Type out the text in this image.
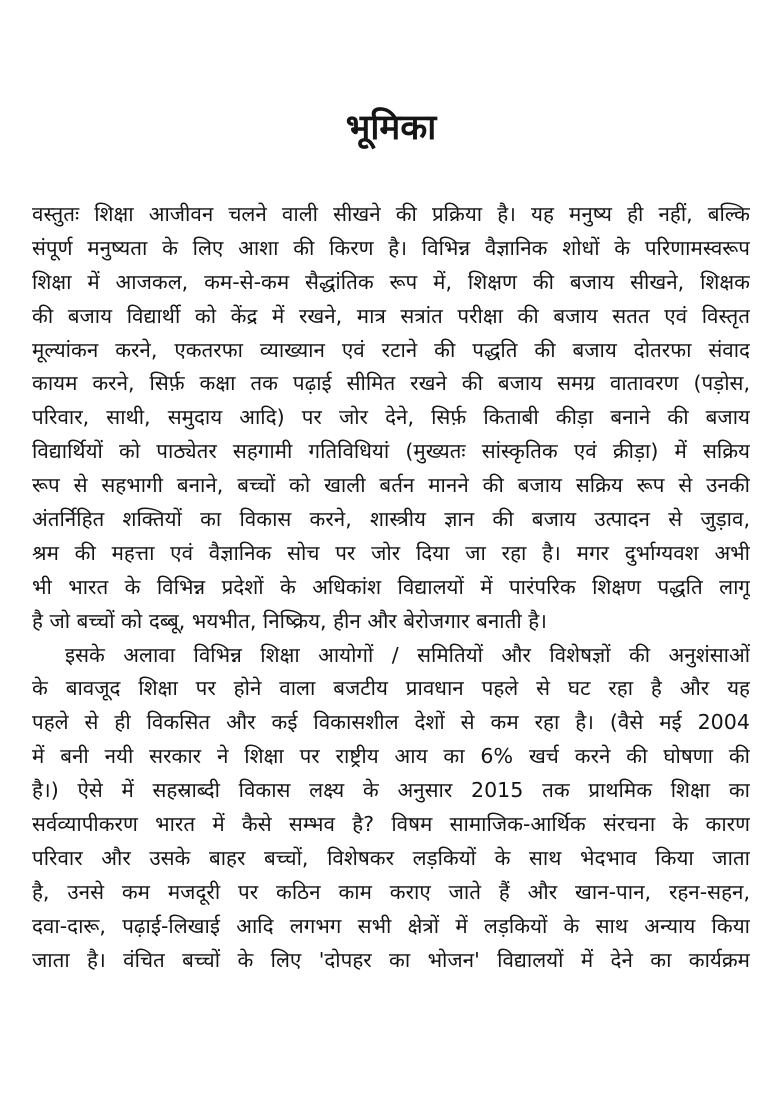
भूमिका
वस्तुतः शिक्षा आजीवन चलने वाली सीखने की प्रक्रिया है। यह मनुष्य ही नहीं, बल्कि
संपूर्ण मनुष्यता के लिए आशा की किरण है। विभिन्न वैज्ञानिक शोधों के परिणामस्वरूप
शिक्षा में आजकल, कम-से-कम सैद्धांतिक रूप में, शिक्षण की बजाय सीखने, शिक्षक
की बजाय विद्यार्थी को केंद्र में रखने, मात्र सत्रांत परीक्षा की बजाय सतत एवं विस्तृत
मूल्यांकन करने, एकतरफा व्याख्यान एवं रटाने की पद्धति की बजाय दोतरफा संवाद
कायम करने, सिर्फ़ कक्षा तक पढ़ाई सीमित रखने की बजाय समग्र वातावरण (पड़ोस,
परिवार, साथी, समुदाय आदि) पर जोर देने, सिर्फ़ किताबी कीड़ा बनाने की बजाय
विद्यार्थियों को पाठ्येतर सहगामी गतिविधियां (मुख्यतः सांस्कृतिक एवं क्रीड़ा) में सक्रिय
रूप से सहभागी बनाने, बच्चों को खाली बर्तन मानने की बजाय सक्रिय रूप से उनकी
अंतर्निहित शक्तियों का विकास करने, शास्त्रीय ज्ञान की बजाय उत्पादन से जुड़ाव,
श्रम की महत्ता एवं वैज्ञानिक सोच पर जोर दिया जा रहा है। मगर दुर्भाग्यवश अभी
भी भारत के विभिन्न प्रदेशों के अधिकांश विद्यालयों में पारंपरिक शिक्षण पद्धति लागू
है जो बच्चों को दब्बू, भयभीत, निष्क्रिय, हीन और बेरोजगार बनाती है।
इसके अलावा विभिन्न शिक्षा आयोगों / समितियों और विशेषज्ञों की अनुशंसाओं
के बावजूद शिक्षा पर होने वाला बजटीय प्रावधान पहले से घट रहा है और यह
पहले से ही विकसित और कई विकासशील देशों से कम रहा है। (वैसे मई 2004
में बनी नयी सरकार ने शिक्षा पर राष्ट्रीय आय का 6% खर्च करने की घोषणा की
है।) ऐसे में सहस्राब्दी विकास लक्ष्य के अनुसार 2015 तक प्राथमिक शिक्षा का
सर्वव्यापीकरण भारत में कैसे सम्भव है? विषम सामाजिक-आर्थिक संरचना के कारण
परिवार और उसके बाहर बच्चों, विशेषकर लड़कियों के साथ भेदभाव किया जाता
है, उनसे कम मजदूरी पर कठिन काम कराए जाते हैं और खान-पान, रहन-सहन,
दवा-दारू, पढ़ाई-लिखाई आदि लगभग सभी क्षेत्रों में लड़कियों के साथ अन्याय किया
जाता है। वंचित बच्चों के लिए 'दोपहर का भोजन' विद्यालयों में देने का कार्यक्रम
